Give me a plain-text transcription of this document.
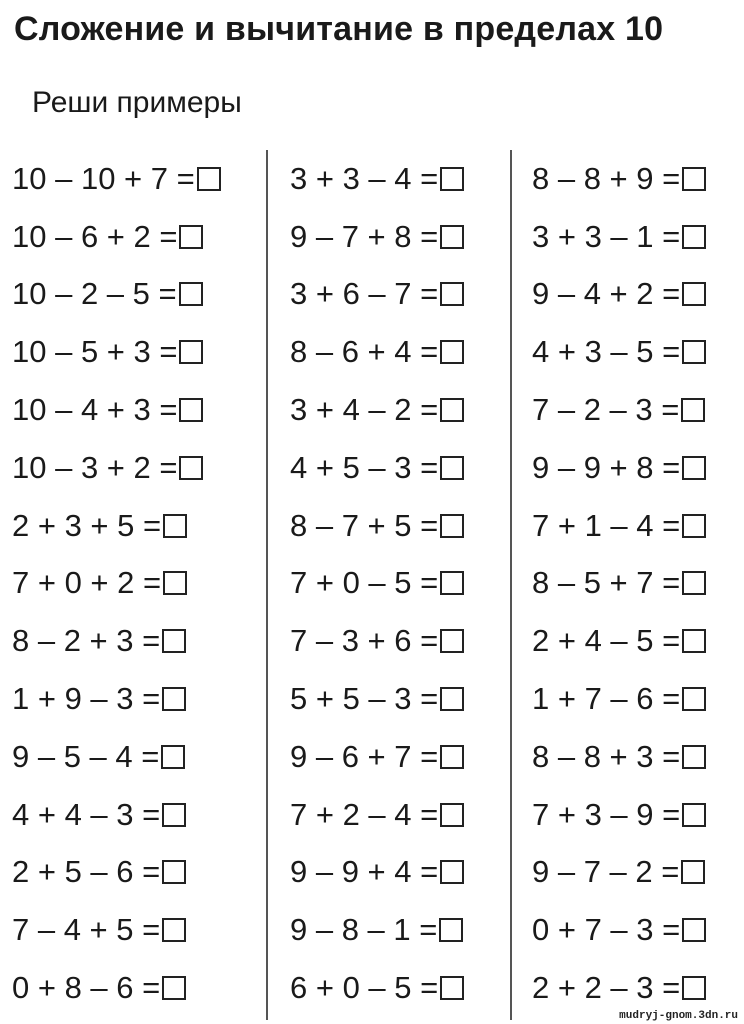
Сложение и вычитание в пределах 10
Реши примеры
10 – 10 + 7 =
10 – 6 + 2 =
10 – 2 – 5 =
10 – 5 + 3 =
10 – 4 + 3 =
10 – 3 + 2 =
2 + 3 + 5 =
7 + 0 + 2 =
8 – 2 + 3 =
1 + 9 – 3 =
9 – 5 – 4 =
4 + 4 – 3 =
2 + 5 – 6 =
7 – 4 + 5 =
0 + 8 – 6 =
3 + 3 – 4 =
9 – 7 + 8 =
3 + 6 – 7 =
8 – 6 + 4 =
3 + 4 – 2 =
4 + 5 – 3 =
8 – 7 + 5 =
7 + 0 – 5 =
7 – 3 + 6 =
5 + 5 – 3 =
9 – 6 + 7 =
7 + 2 – 4 =
9 – 9 + 4 =
9 – 8 – 1 =
6 + 0 – 5 =
8 – 8 + 9 =
3 + 3 – 1 =
9 – 4 + 2 =
4 + 3 – 5 =
7 – 2 – 3 =
9 – 9 + 8 =
7 + 1 – 4 =
8 – 5 + 7 =
2 + 4 – 5 =
1 + 7 – 6 =
8 – 8 + 3 =
7 + 3 – 9 =
9 – 7 – 2 =
0 + 7 – 3 =
2 + 2 – 3 =
mudryj-gnom.3dn.ru
